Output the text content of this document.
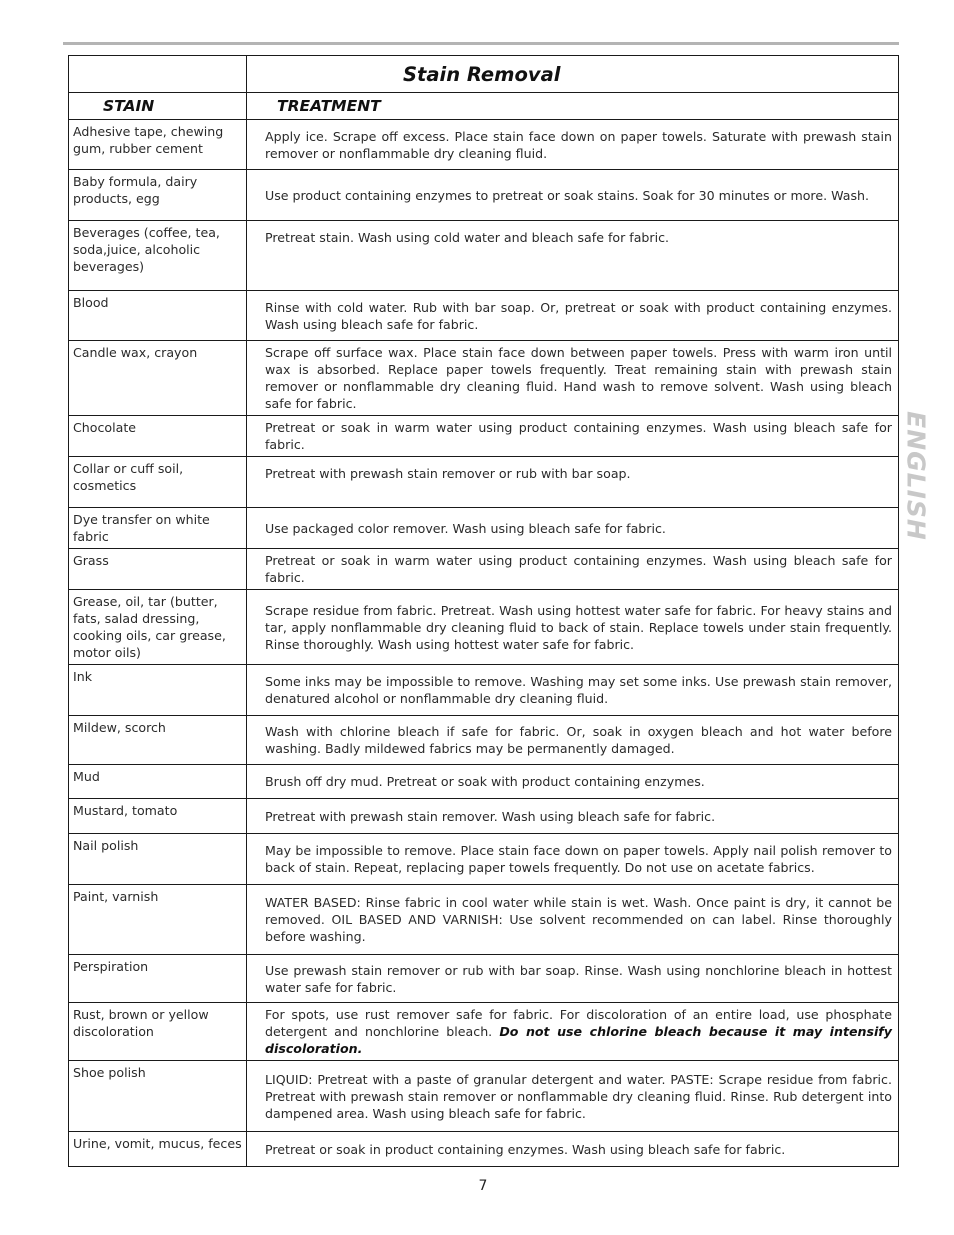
	Stain Removal

STAIN	TREATMENT
Adhesive tape, chewing gum, rubber cement	Apply ice. Scrape off excess. Place stain face down on paper towels. Saturate with prewash stain remover or nonflammable dry cleaning fluid.
Baby formula, dairy products, egg	Use product containing enzymes to pretreat or soak stains. Soak for 30 minutes or more. Wash.
Beverages (coffee, tea, soda,juice, alcoholic beverages)	Pretreat stain. Wash using cold water and bleach safe for fabric.
Blood	Rinse with cold water. Rub with bar soap. Or, pretreat or soak with product containing enzymes. Wash using bleach safe for fabric.
Candle wax, crayon	Scrape off surface wax. Place stain face down between paper towels. Press with warm iron until wax is absorbed. Replace paper towels frequently. Treat remaining stain with prewash stain remover or nonflammable dry cleaning fluid. Hand wash to remove solvent. Wash using bleach safe for fabric.
Chocolate	Pretreat or soak in warm water using product containing enzymes. Wash using bleach safe for fabric.
Collar or cuff soil, cosmetics	Pretreat with prewash stain remover or rub with bar soap.
Dye transfer on white fabric	Use packaged color remover. Wash using bleach safe for fabric.
Grass	Pretreat or soak in warm water using product containing enzymes. Wash using bleach safe for fabric.
Grease, oil, tar (butter, fats, salad dressing, cooking oils, car grease, motor oils)	Scrape residue from fabric. Pretreat. Wash using hottest water safe for fabric. For heavy stains and tar, apply nonflammable dry cleaning fluid to back of stain. Replace towels under stain frequently. Rinse thoroughly. Wash using hottest water safe for fabric.
Ink	Some inks may be impossible to remove. Washing may set some inks. Use prewash stain remover, denatured alcohol or nonflammable dry cleaning fluid.
Mildew, scorch	Wash with chlorine bleach if safe for fabric. Or, soak in oxygen bleach and hot water before washing. Badly mildewed fabrics may be permanently damaged.
Mud	Brush off dry mud. Pretreat or soak with product containing enzymes.
Mustard, tomato	Pretreat with prewash stain remover. Wash using bleach safe for fabric.
Nail polish	May be impossible to remove. Place stain face down on paper towels. Apply nail polish remover to back of stain. Repeat, replacing paper towels frequently. Do not use on acetate fabrics.
Paint, varnish	WATER BASED: Rinse fabric in cool water while stain is wet. Wash. Once paint is dry, it cannot be removed. OIL BASED AND VARNISH: Use solvent recommended on can label. Rinse thoroughly before washing.
Perspiration	Use prewash stain remover or rub with bar soap. Rinse. Wash using nonchlorine bleach in hottest water safe for fabric.
Rust, brown or yellow discoloration	For spots, use rust remover safe for fabric. For discoloration of an entire load, use phosphate detergent and nonchlorine bleach. Do not use chlorine bleach because it may intensify discoloration.
Shoe polish	LIQUID: Pretreat with a paste of granular detergent and water. PASTE: Scrape residue from fabric. Pretreat with prewash stain remover or nonflammable dry cleaning fluid. Rinse. Rub detergent into dampened area. Wash using bleach safe for fabric.
Urine, vomit, mucus, feces	Pretreat or soak in product containing enzymes. Wash using bleach safe for fabric.
ENGLISH
7
